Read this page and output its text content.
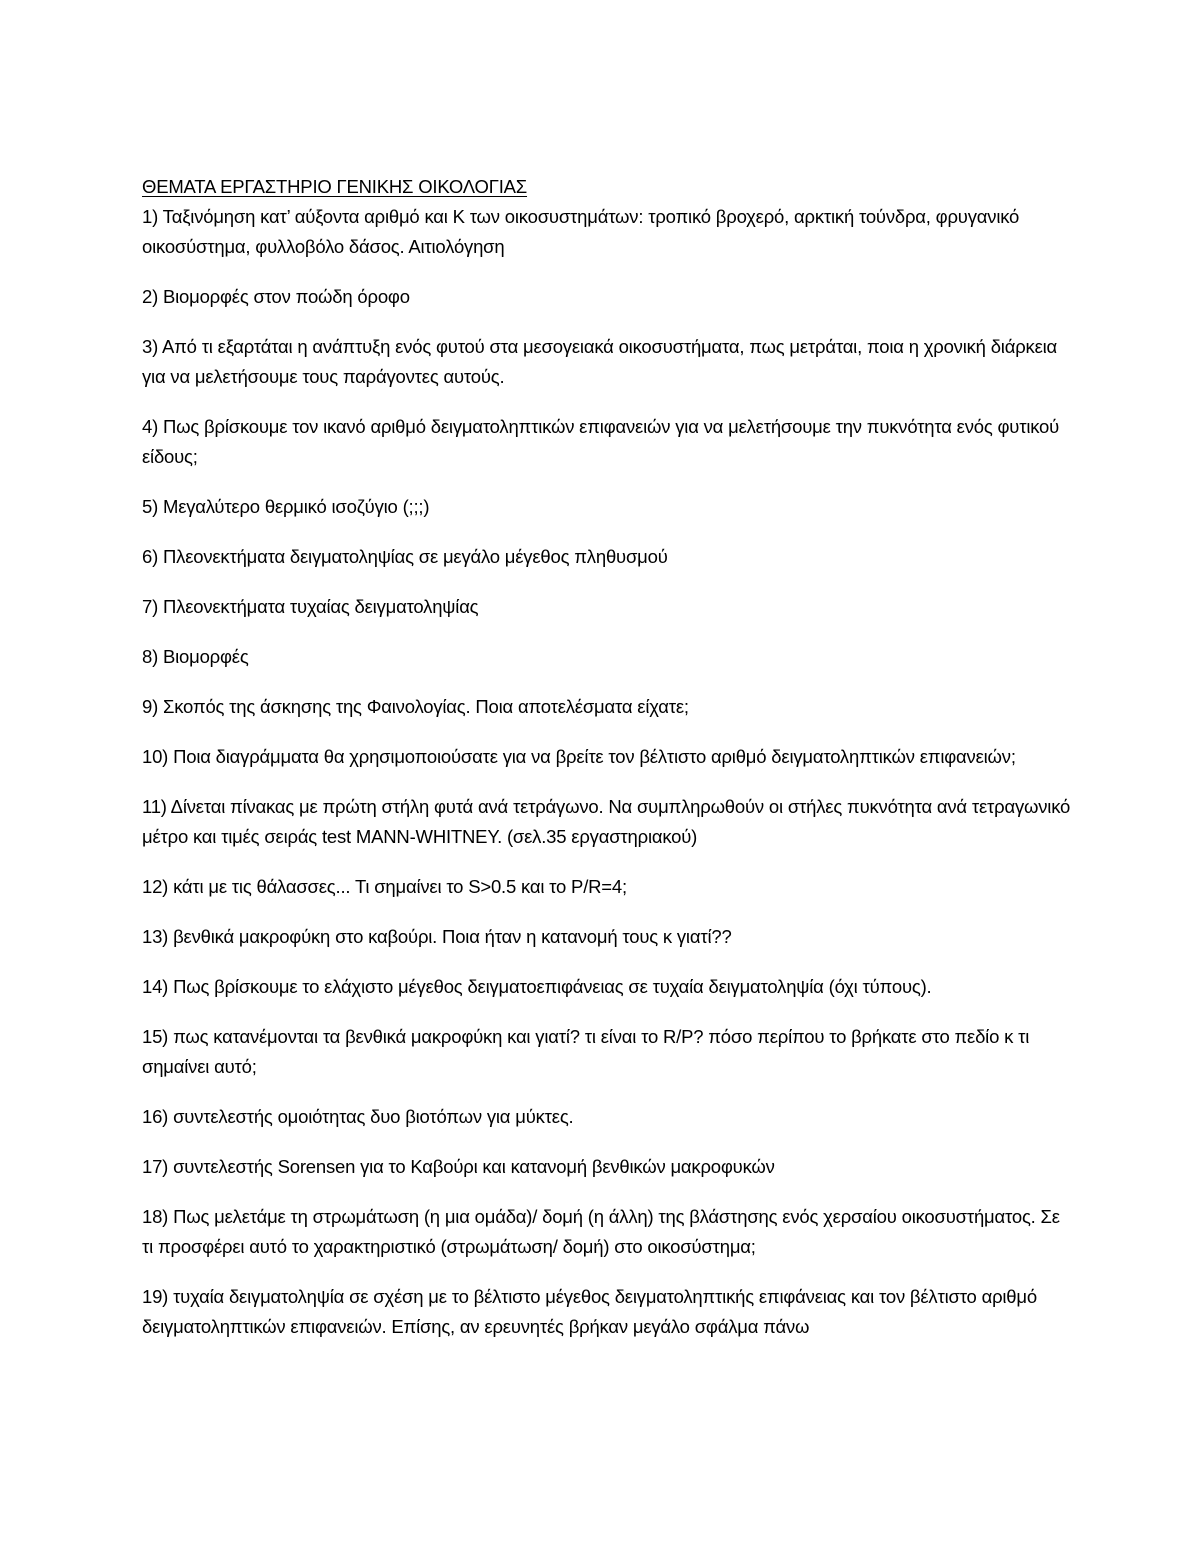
ΘΕΜΑΤΑ ΕΡΓΑΣΤΗΡΙΟ ΓΕΝΙΚΗΣ ΟΙΚΟΛΟΓΙΑΣ

1) Ταξινόμηση κατ’ αύξοντα αριθμό και Κ των οικοσυστημάτων: τροπικό βροχερό, αρκτική τούνδρα, φρυγανικό οικοσύστημα, φυλλοβόλο δάσος. Αιτιολόγηση

2) Βιομορφές στον ποώδη όροφο

3) Από τι εξαρτάται η ανάπτυξη ενός φυτού στα μεσογειακά οικοσυστήματα, πως μετράται, ποια η χρονική διάρκεια για να μελετήσουμε τους παράγοντες αυτούς.

4) Πως βρίσκουμε τον ικανό αριθμό δειγματοληπτικών επιφανειών για να μελετήσουμε την πυκνότητα ενός φυτικού είδους;

5) Μεγαλύτερο θερμικό ισοζύγιο (;;;)

6) Πλεονεκτήματα δειγματοληψίας σε μεγάλο μέγεθος πληθυσμού

7) Πλεονεκτήματα τυχαίας δειγματοληψίας

8) Βιομορφές

9) Σκοπός της άσκησης της Φαινολογίας. Ποια αποτελέσματα είχατε;

10) Ποια διαγράμματα θα χρησιμοποιούσατε για να βρείτε τον βέλτιστο αριθμό δειγματοληπτικών επιφανειών;

11) Δίνεται πίνακας με πρώτη στήλη φυτά ανά τετράγωνο. Να συμπληρωθούν οι στήλες πυκνότητα ανά τετραγωνικό μέτρο και τιμές σειράς test MANN-WHITNEY. (σελ.35 εργαστηριακού)

12) κάτι με τις θάλασσες... Τι σημαίνει το S>0.5 και το P/R=4;

13) βενθικά μακροφύκη στο καβούρι. Ποια ήταν η κατανομή τους κ γιατί??

14) Πως βρίσκουμε το ελάχιστο μέγεθος δειγματοεπιφάνειας σε τυχαία δειγματοληψία (όχι τύπους).

15) πως κατανέμονται τα βενθικά μακροφύκη και γιατί? τι είναι το R/P? πόσο περίπου το βρήκατε στο πεδίο κ τι σημαίνει αυτό;

16) συντελεστής ομοιότητας δυο βιοτόπων για μύκτες.

17) συντελεστής Sorensen για το Καβούρι και κατανομή βενθικών μακροφυκών

18) Πως μελετάμε τη στρωμάτωση (η μια ομάδα)/ δομή (η άλλη) της βλάστησης ενός χερσαίου οικοσυστήματος. Σε τι προσφέρει αυτό το χαρακτηριστικό (στρωμάτωση/ δομή) στο οικοσύστημα;

19) τυχαία δειγματοληψία σε σχέση με το βέλτιστο μέγεθος δειγματοληπτικής επιφάνειας και τον βέλτιστο αριθμό δειγματοληπτικών επιφανειών. Επίσης, αν ερευνητές βρήκαν μεγάλο σφάλμα πάνω
